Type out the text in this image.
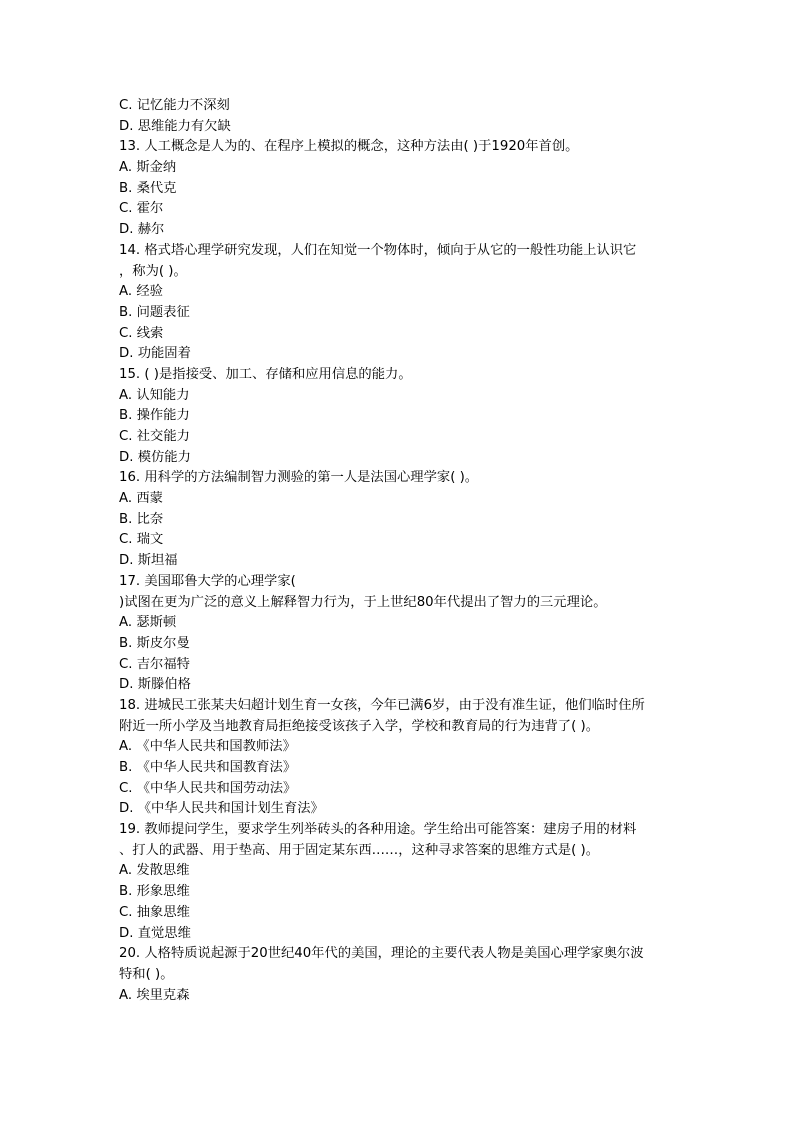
C. 记忆能力不深刻
D. 思维能力有欠缺
13. 人工概念是人为的、在程序上模拟的概念，这种方法由( )于1920年首创。
A. 斯金纳
B. 桑代克
C. 霍尔
D. 赫尔
14. 格式塔心理学研究发现，人们在知觉一个物体时，倾向于从它的一般性功能上认识它
，称为( )。
A. 经验
B. 问题表征
C. 线索
D. 功能固着
15. ( )是指接受、加工、存储和应用信息的能力。
A. 认知能力
B. 操作能力
C. 社交能力
D. 模仿能力
16. 用科学的方法编制智力测验的第一人是法国心理学家( )。
A. 西蒙
B. 比奈
C. 瑞文
D. 斯坦福
17. 美国耶鲁大学的心理学家(
)试图在更为广泛的意义上解释智力行为，于上世纪80年代提出了智力的三元理论。
A. 瑟斯顿
B. 斯皮尔曼
C. 吉尔福特
D. 斯滕伯格
18. 进城民工张某夫妇超计划生育一女孩，今年已满6岁，由于没有准生证，他们临时住所
附近一所小学及当地教育局拒绝接受该孩子入学，学校和教育局的行为违背了( )。
A. 《中华人民共和国教师法》
B. 《中华人民共和国教育法》
C. 《中华人民共和国劳动法》
D. 《中华人民共和国计划生育法》
19. 教师提问学生，要求学生列举砖头的各种用途。学生给出可能答案：建房子用的材料
、打人的武器、用于垫高、用于固定某东西……，这种寻求答案的思维方式是( )。
A. 发散思维
B. 形象思维
C. 抽象思维
D. 直觉思维
20. 人格特质说起源于20世纪40年代的美国，理论的主要代表人物是美国心理学家奥尔波
特和( )。
A. 埃里克森
